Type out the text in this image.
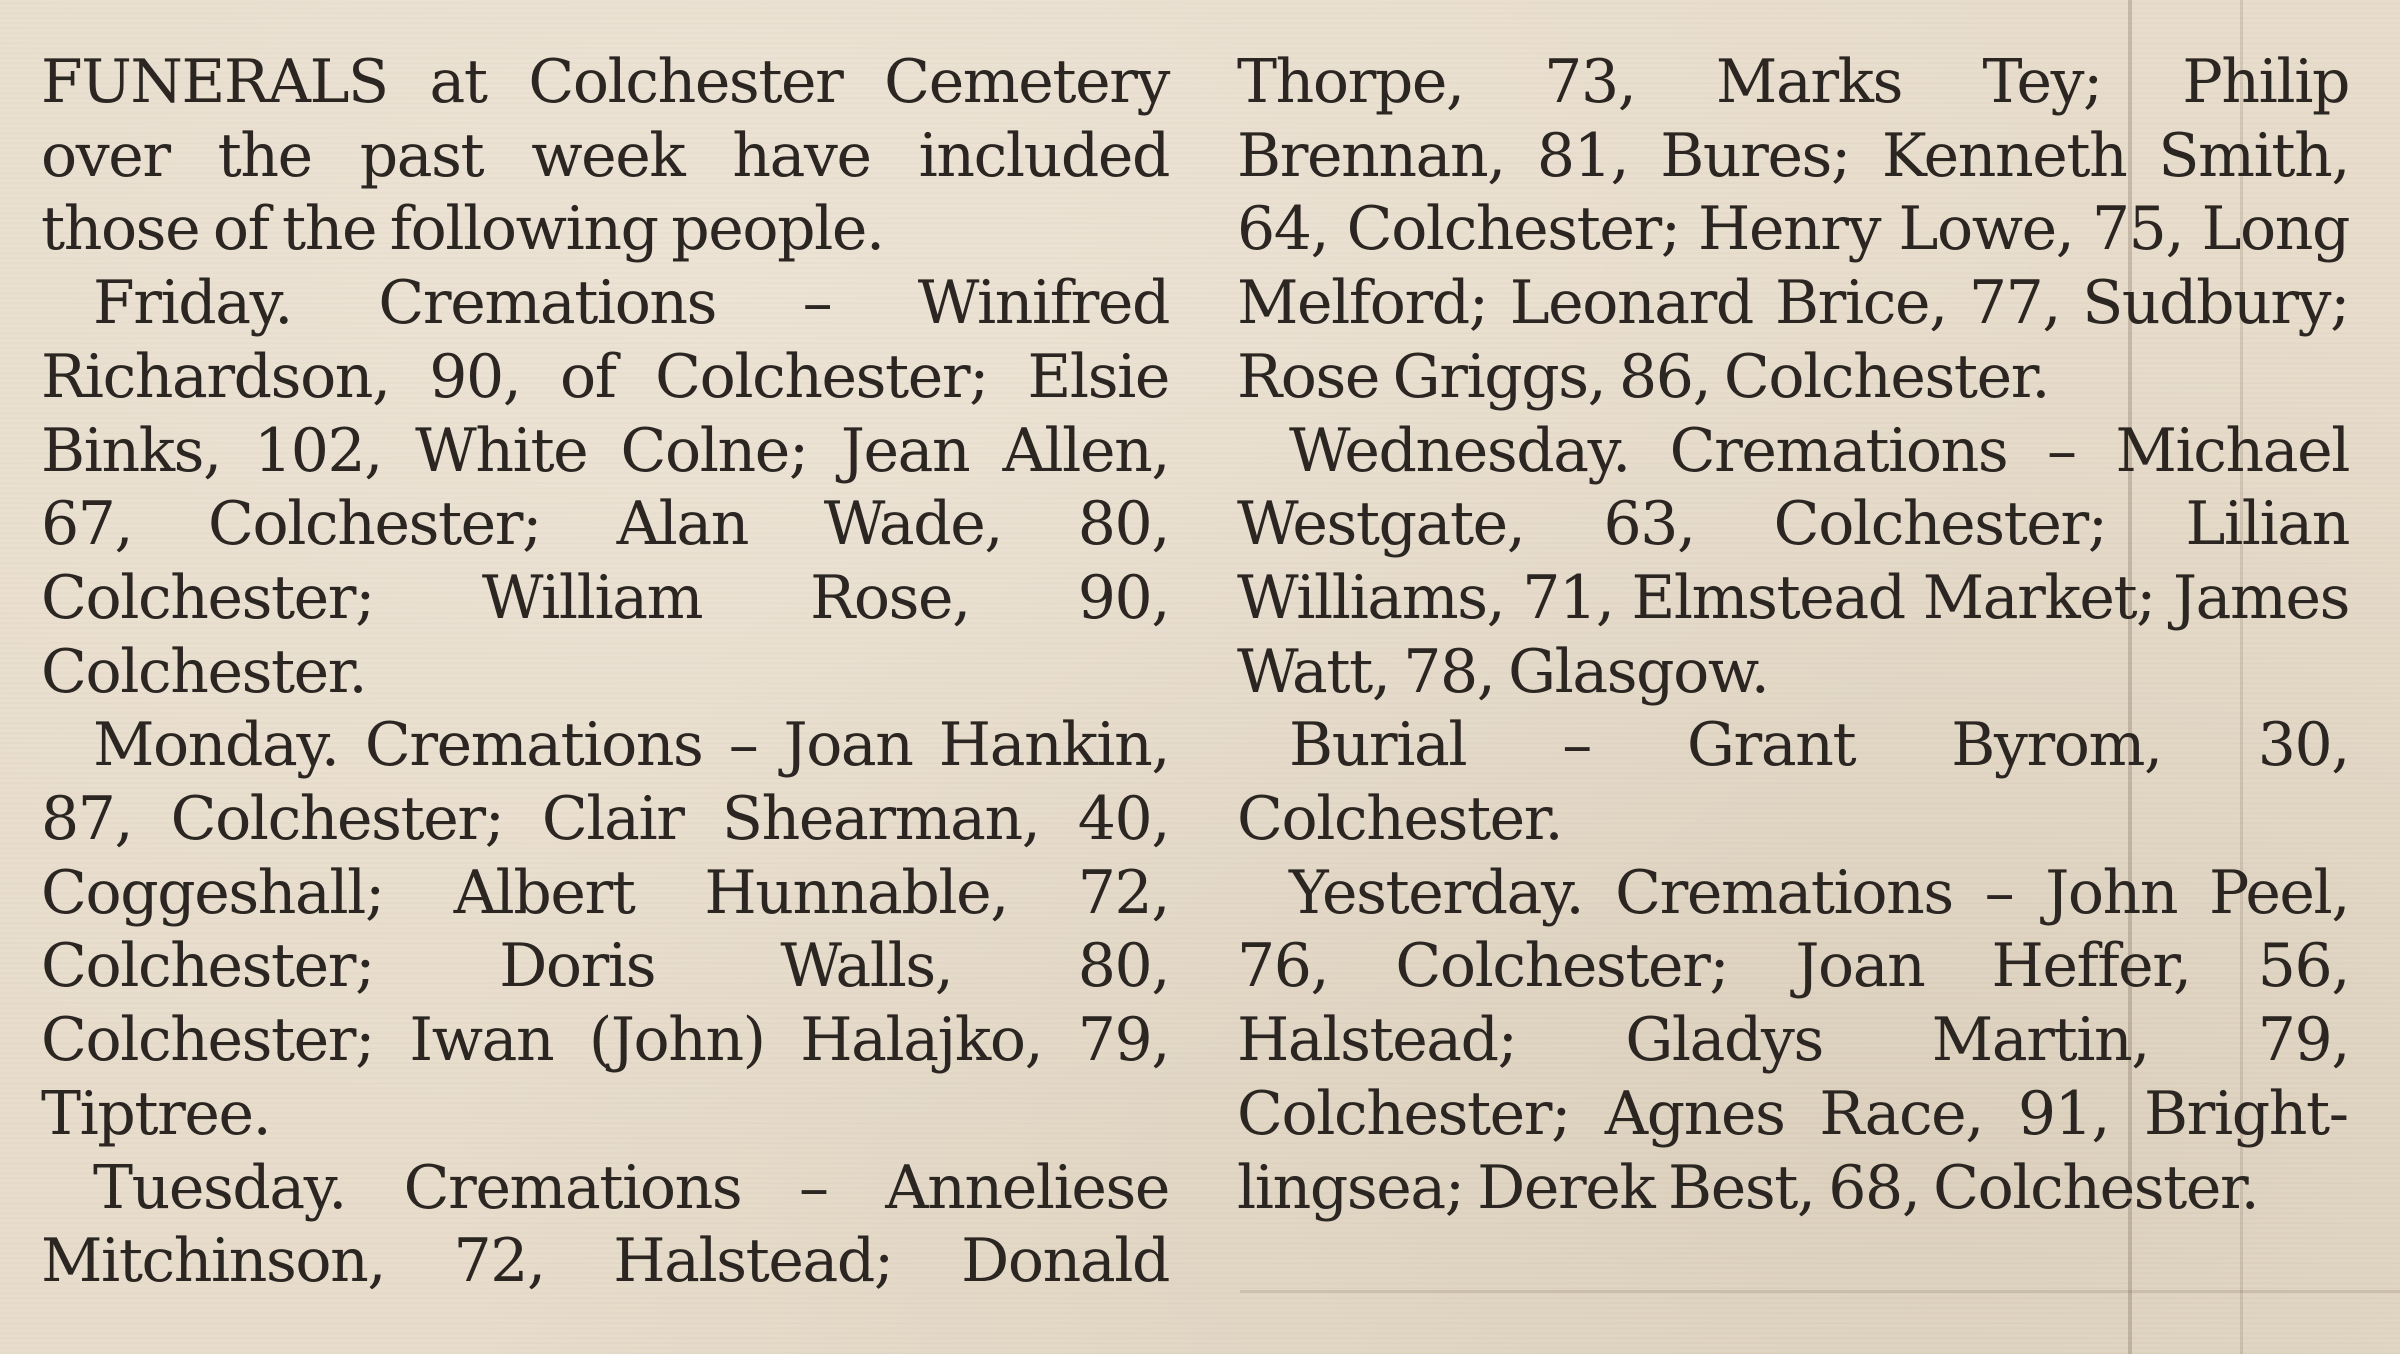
FUNERALS at Colchester Cemetery over the past week have included those of the following people.

Friday. Cremations – Winifred Richardson, 90, of Colchester; Elsie Binks, 102, White Colne; Jean Allen, 67, Colchester; Alan Wade, 80, Colchester; William Rose, 90, Colchester.

Monday. Cremations – Joan Hankin, 87, Colchester; Clair Shearman, 40, Coggeshall; Albert Hunnable, 72, Colchester; Doris Walls, 80, Colchester; Iwan (John) Halajko, 79, Tiptree.

Tuesday. Cremations – Anneliese Mitchinson, 72, Halstead; Donald

Thorpe, 73, Marks Tey; Philip Brennan, 81, Bures; Kenneth Smith, 64, Colchester; Henry Lowe, 75, Long Melford; Leonard Brice, 77, Sudbury; Rose Griggs, 86, Colchester.

Wednesday. Cremations – Michael Westgate, 63, Colchester; Lilian Williams, 71, Elmstead Market; James Watt, 78, Glasgow.

Burial – Grant Byrom, 30, Colchester.

Yesterday. Cremations – John Peel, 76, Colchester; Joan Heffer, 56, Halstead; Gladys Martin, 79, Colchester; Agnes Race, 91, Brightlingsea; Derek Best, 68, Colchester.
